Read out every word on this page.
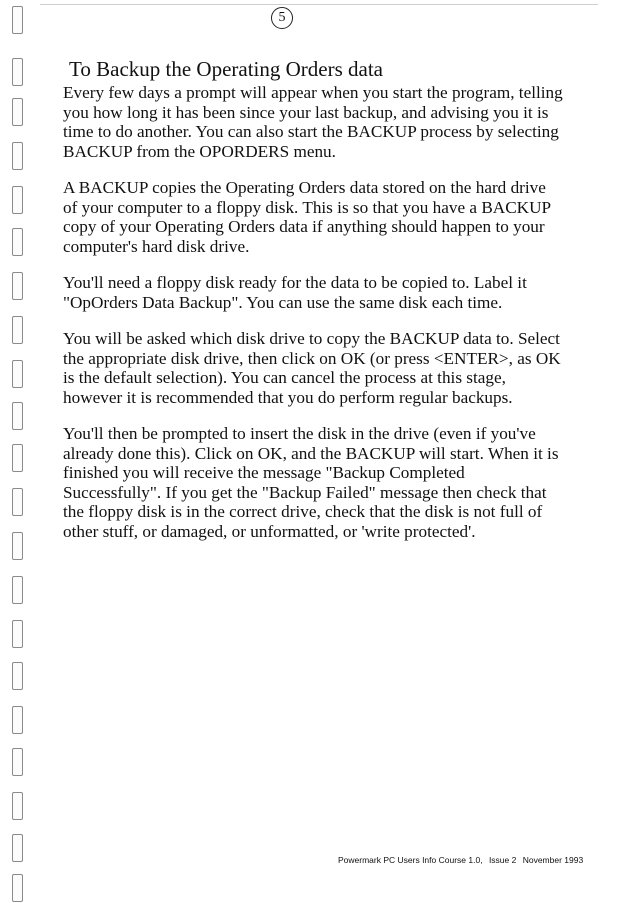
5
To Backup the Operating Orders data

Every few days a prompt will appear when you start the program, telling you how long it has been since your last backup, and advising you it is time to do another. You can also start the BACKUP process by selecting BACKUP from the OPORDERS menu.

A BACKUP copies the Operating Orders data stored on the hard drive of your computer to a floppy disk. This is so that you have a BACKUP copy of your Operating Orders data if anything should happen to your computer's hard disk drive.

You'll need a floppy disk ready for the data to be copied to. Label it "OpOrders Data Backup". You can use the same disk each time.

You will be asked which disk drive to copy the BACKUP data to. Select the appropriate disk drive, then click on OK (or press <ENTER>, as OK is the default selection). You can cancel the process at this stage, however it is recommended that you do perform regular backups.

You'll then be prompted to insert the disk in the drive (even if you've already done this). Click on OK, and the BACKUP will start. When it is finished you will receive the message "Backup Completed Successfully". If you get the "Backup Failed" message then check that the floppy disk is in the correct drive, check that the disk is not full of other stuff, or damaged, or unformatted, or 'write protected'.

Powermark PC Users Info Course 1.0, Issue 2 November 1993
